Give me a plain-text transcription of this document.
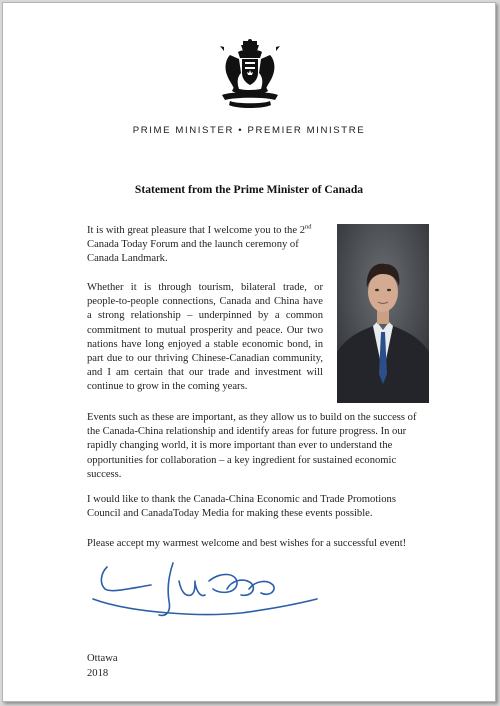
PRIME MINISTER • PREMIER MINISTRE
Statement from the Prime Minister of Canada

It is with great pleasure that I welcome you to the 2nd Canada Today Forum and the launch ceremony of Canada Landmark.

Whether it is through tourism, bilateral trade, or people-to-people connections, Canada and China have a strong relationship – underpinned by a common commitment to mutual prosperity and peace. Our two nations have long enjoyed a stable economic bond, in part due to our thriving Chinese-Canadian community, and I am certain that our trade and investment will continue to grow in the coming years.

Events such as these are important, as they allow us to build on the success of the Canada-China relationship and identify areas for future progress. In our rapidly changing world, it is more important than ever to understand the opportunities for collaboration – a key ingredient for sustained economic success.

I would like to thank the Canada-China Economic and Trade Promotions Council and CanadaToday Media for making these events possible.

Please accept my warmest welcome and best wishes for a successful event!

Ottawa
2018
